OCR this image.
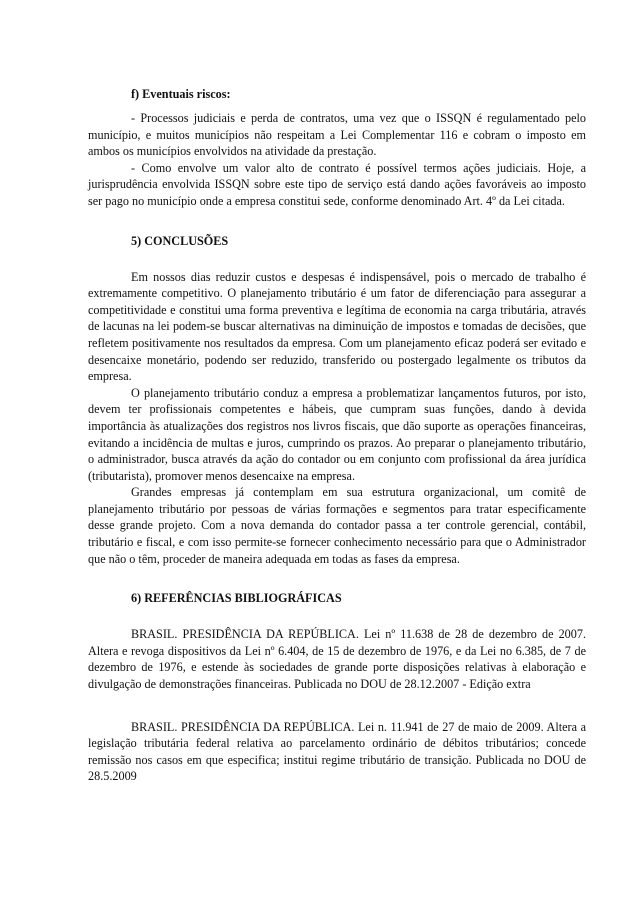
f) Eventuais riscos:

- Processos judiciais e perda de contratos, uma vez que o ISSQN é regulamentado pelo município, e muitos municípios não respeitam a Lei Complementar 116 e cobram o imposto em ambos os municípios envolvidos na atividade da prestação.

- Como envolve um valor alto de contrato é possível termos ações judiciais. Hoje, a jurisprudência envolvida ISSQN sobre este tipo de serviço está dando ações favoráveis ao imposto ser pago no município onde a empresa constitui sede, conforme denominado Art. 4º da Lei citada.

5) CONCLUSÕES

Em nossos dias reduzir custos e despesas é indispensável, pois o mercado de trabalho é extremamente competitivo. O planejamento tributário é um fator de diferenciação para assegurar a competitividade e constitui uma forma preventiva e legítima de economia na carga tributária, através de lacunas na lei podem-se buscar alternativas na diminuição de impostos e tomadas de decisões, que refletem positivamente nos resultados da empresa. Com um planejamento eficaz poderá ser evitado e desencaixe monetário, podendo ser reduzido, transferido ou postergado legalmente os tributos da empresa.

O planejamento tributário conduz a empresa a problematizar lançamentos futuros, por isto, devem ter profissionais competentes e hábeis, que cumpram suas funções, dando à devida importância às atualizações dos registros nos livros fiscais, que dão suporte as operações financeiras, evitando a incidência de multas e juros, cumprindo os prazos. Ao preparar o planejamento tributário, o administrador, busca através da ação do contador ou em conjunto com profissional da área jurídica (tributarista), promover menos desencaixe na empresa.

Grandes empresas já contemplam em sua estrutura organizacional, um comitê de planejamento tributário por pessoas de várias formações e segmentos para tratar especificamente desse grande projeto. Com a nova demanda do contador passa a ter controle gerencial, contábil, tributário e fiscal, e com isso permite-se fornecer conhecimento necessário para que o Administrador que não o têm, proceder de maneira adequada em todas as fases da empresa.

6) REFERÊNCIAS BIBLIOGRÁFICAS

BRASIL. PRESIDÊNCIA DA REPÚBLICA. Lei nº 11.638 de 28 de dezembro de 2007. Altera e revoga dispositivos da Lei nº 6.404, de 15 de dezembro de 1976, e da Lei no 6.385, de 7 de dezembro de 1976, e estende às sociedades de grande porte disposições relativas à elaboração e divulgação de demonstrações financeiras. Publicada no DOU de 28.12.2007 - Edição extra

BRASIL. PRESIDÊNCIA DA REPÚBLICA. Lei n. 11.941 de 27 de maio de 2009. Altera a legislação tributária federal relativa ao parcelamento ordinário de débitos tributários; concede remissão nos casos em que especifica; institui regime tributário de transição. Publicada no DOU de 28.5.2009
